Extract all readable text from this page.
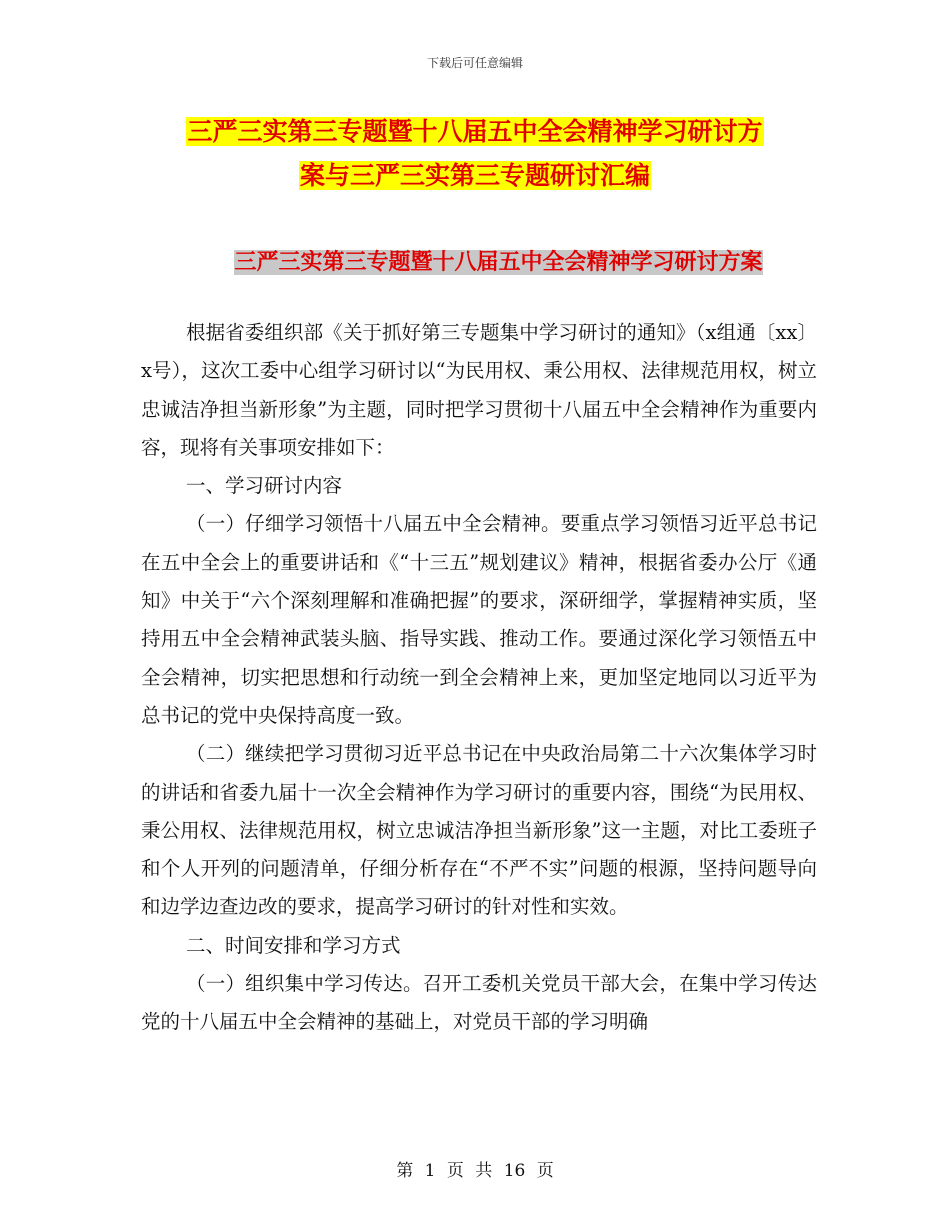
下载后可任意编辑
三严三实第三专题暨十八届五中全会精神学习研讨方
案与三严三实第三专题研讨汇编
三严三实第三专题暨十八届五中全会精神学习研讨方案

根据省委组织部《关于抓好第三专题集中学习研讨的通知》（x组通〔xx〕x号），这次工委中心组学习研讨以“为民用权、秉公用权、法律规范用权，树立忠诚洁净担当新形象”为主题，同时把学习贯彻十八届五中全会精神作为重要内容，现将有关事项安排如下：

一、学习研讨内容

（一）仔细学习领悟十八届五中全会精神。要重点学习领悟习近平总书记在五中全会上的重要讲话和《“十三五”规划建议》精神，根据省委办公厅《通知》中关于“六个深刻理解和准确把握”的要求，深研细学，掌握精神实质，坚持用五中全会精神武装头脑、指导实践、推动工作。要通过深化学习领悟五中全会精神，切实把思想和行动统一到全会精神上来，更加坚定地同以习近平为总书记的党中央保持高度一致。

（二）继续把学习贯彻习近平总书记在中央政治局第二十六次集体学习时的讲话和省委九届十一次全会精神作为学习研讨的重要内容，围绕“为民用权、秉公用权、法律规范用权，树立忠诚洁净担当新形象”这一主题，对比工委班子和个人开列的问题清单，仔细分析存在“不严不实”问题的根源，坚持问题导向和边学边查边改的要求，提高学习研讨的针对性和实效。

二、时间安排和学习方式

（一）组织集中学习传达。召开工委机关党员干部大会，在集中学习传达党的十八届五中全会精神的基础上，对党员干部的学习明确

第 1 页 共 16 页
